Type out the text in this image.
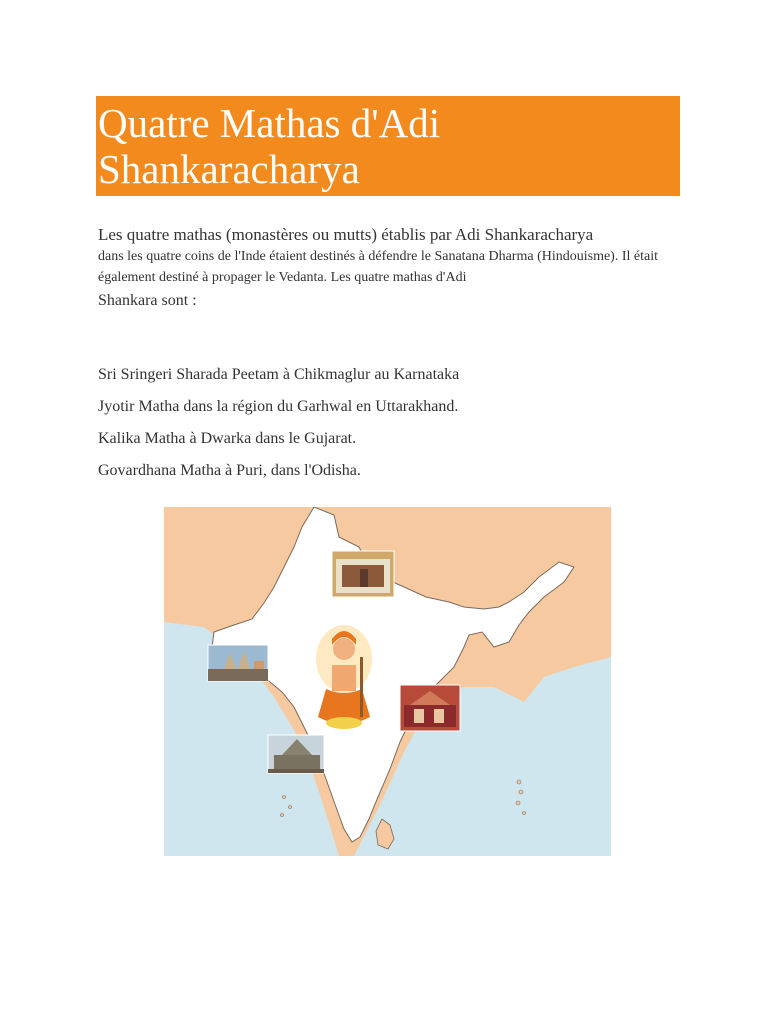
Quatre Mathas d'Adi Shankaracharya

Les quatre mathas (monastères ou mutts) établis par Adi Shankaracharya
dans les quatre coins de l'Inde étaient destinés à défendre le Sanatana Dharma (Hindouisme). Il était également destiné à propager le Vedanta. Les quatre mathas d'Adi
Shankara sont :

Sri Sringeri Sharada Peetam à Chikmaglur au Karnataka
Jyotir Matha dans la région du Garhwal en Uttarakhand.
Kalika Matha à Dwarka dans le Gujarat.
Govardhana Matha à Puri, dans l'Odisha.
